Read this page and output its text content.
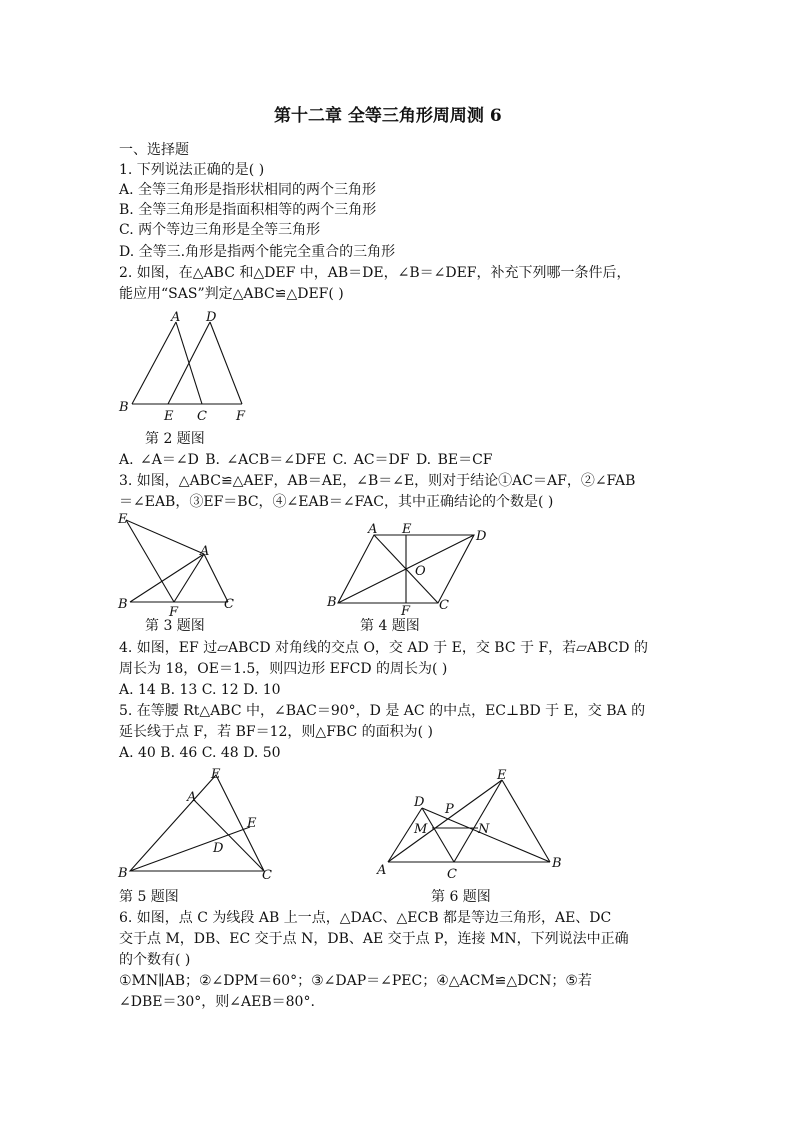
第十二章 全等三角形周周测 6
一、选择题
1. 下列说法正确的是( )
A. 全等三角形是指形状相同的两个三角形
B. 全等三角形是指面积相等的两个三角形
C. 两个等边三角形是全等三角形
D. 全等三.角形是指两个能完全重合的三角形
2. 如图，在△ABC 和△DEF 中，AB＝DE，∠B＝∠DEF，补充下列哪一条件后，
能应用“SAS”判定△ABC≌△DEF( )
A D
B
E C F
第 2 题图
A. ∠A＝∠D B. ∠ACB＝∠DFE C. AC＝DF D. BE＝CF
3. 如图，△ABC≌△AEF，AB＝AE，∠B＝∠E，则对于结论①AC＝AF，②∠FAB
＝∠EAB，③EF＝BC，④∠EAB＝∠FAC，其中正确结论的个数是( )
E
A
B
F
C
A E	D
O
B
F C
第 3 题图	第 4 题图
4. 如图，EF 过▱ABCD 对角线的交点 O，交 AD 于 E，交 BC 于 F，若▱ABCD 的
周长为 18，OE＝1.5，则四边形 EFCD 的周长为( )
A. 14 B. 13 C. 12 D. 10
5. 在等腰 Rt△ABC 中，∠BAC＝90°，D 是 AC 的中点，EC⊥BD 于 E，交 BA 的
延长线于点 F，若 BF＝12，则△FBC 的面积为( )
A. 40 B. 46 C. 48 D. 50
E
A
E
D
B	C
E
D P
M	N
A	C
B
第 5 题图	第 6 题图
6. 如图，点 C 为线段 AB 上一点，△DAC、△ECB 都是等边三角形，AE、DC
交于点 M，DB、EC 交于点 N，DB、AE 交于点 P，连接 MN，下列说法中正确
的个数有( )
①MN∥AB；②∠DPM＝60°；③∠DAP＝∠PEC；④△ACM≌△DCN；⑤若
∠DBE＝30°，则∠AEB＝80°.
